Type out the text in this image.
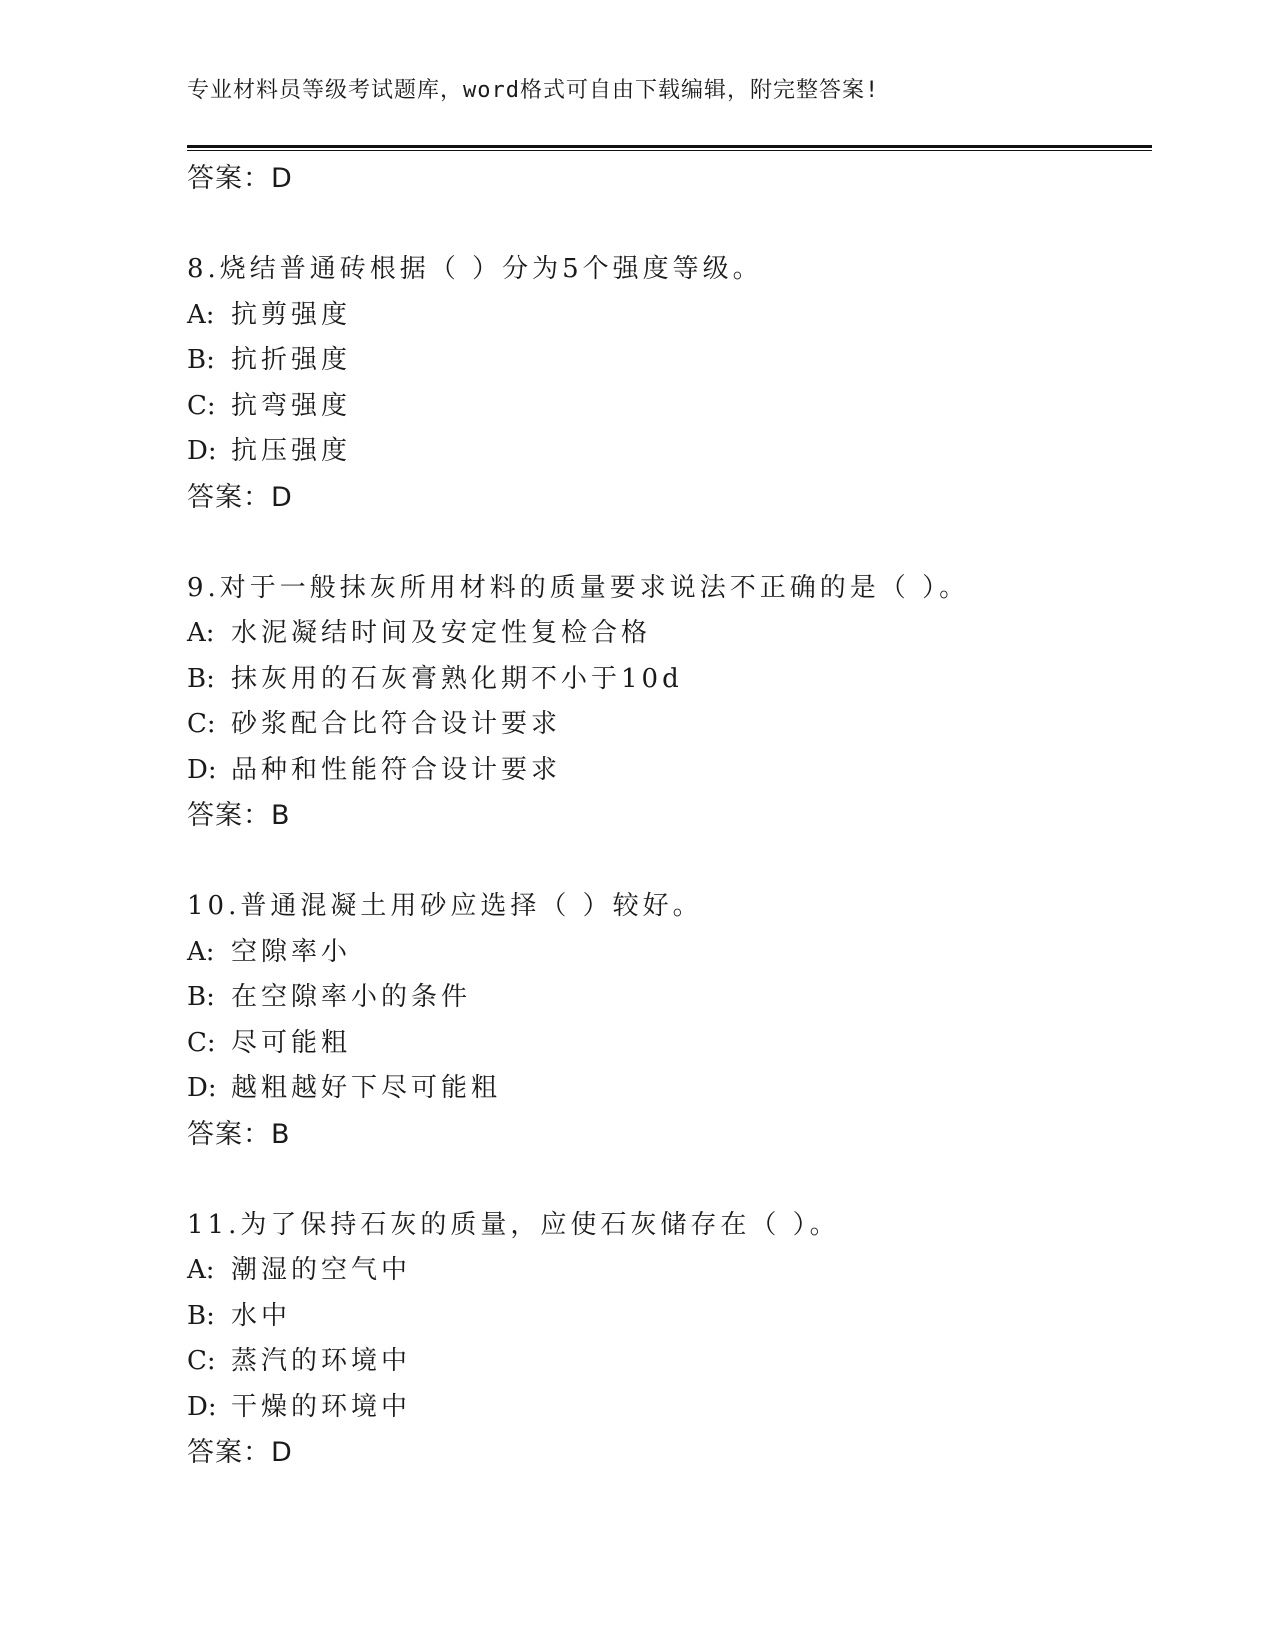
专业材料员等级考试题库，word格式可自由下载编辑，附完整答案!
答案：D
8.烧结普通砖根据（ ）分为5个强度等级。
A: 抗剪强度
B: 抗折强度
C: 抗弯强度
D: 抗压强度
答案：D
9.对于一般抹灰所用材料的质量要求说法不正确的是（ ）。
A: 水泥凝结时间及安定性复检合格
B: 抹灰用的石灰膏熟化期不小于10d
C: 砂浆配合比符合设计要求
D: 品种和性能符合设计要求
答案：B
10.普通混凝土用砂应选择（ ）较好。
A: 空隙率小
B: 在空隙率小的条件
C: 尽可能粗
D: 越粗越好下尽可能粗
答案：B
11.为了保持石灰的质量，应使石灰储存在（ ）。
A: 潮湿的空气中
B: 水中
C: 蒸汽的环境中
D: 干燥的环境中
答案：D
